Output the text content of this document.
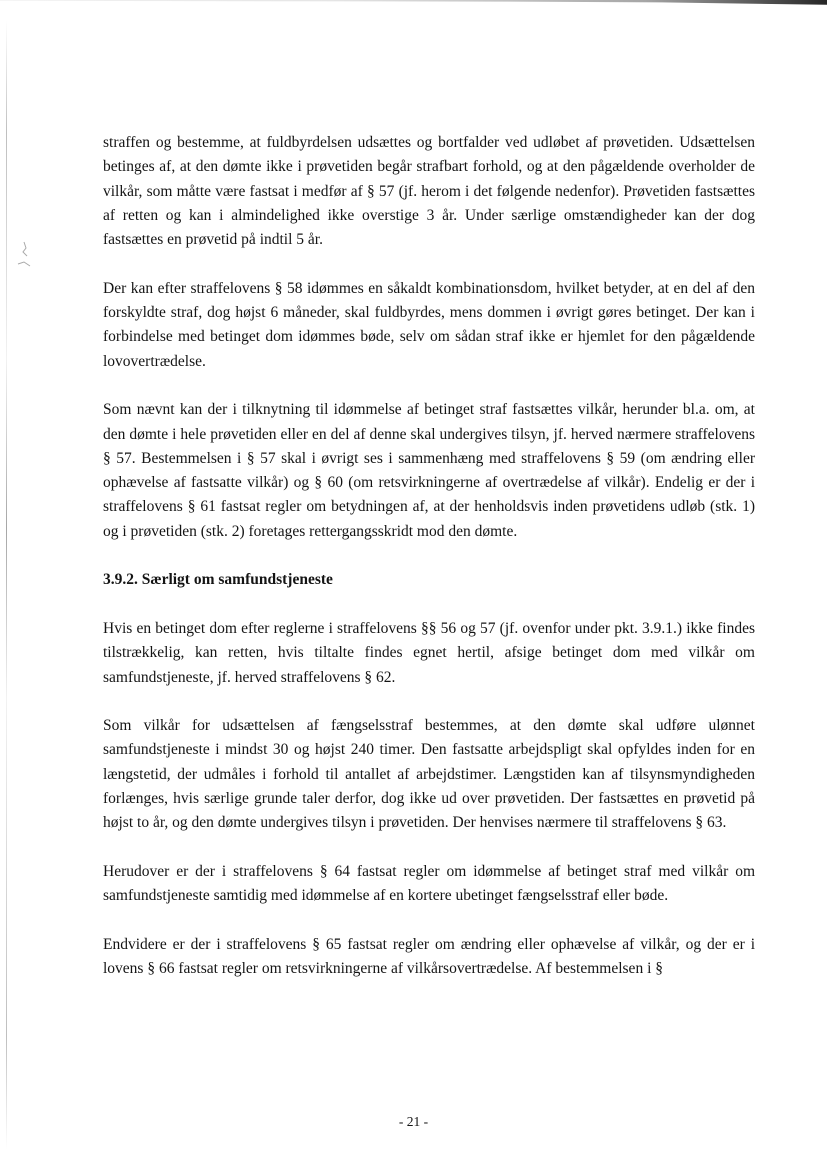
straffen og bestemme, at fuldbyrdelsen udsættes og bortfalder ved udløbet af prøvetiden. Udsættelsen betinges af, at den dømte ikke i prøvetiden begår strafbart forhold, og at den pågældende overholder de vilkår, som måtte være fastsat i medfør af § 57 (jf. herom i det følgende nedenfor). Prøvetiden fastsættes af retten og kan i almindelighed ikke overstige 3 år. Under særlige omstændigheder kan der dog fastsættes en prøvetid på indtil 5 år.

Der kan efter straffelovens § 58 idømmes en såkaldt kombinationsdom, hvilket betyder, at en del af den forskyldte straf, dog højst 6 måneder, skal fuldbyrdes, mens dommen i øvrigt gøres betinget. Der kan i forbindelse med betinget dom idømmes bøde, selv om sådan straf ikke er hjemlet for den pågældende lovovertrædelse.

Som nævnt kan der i tilknytning til idømmelse af betinget straf fastsættes vilkår, herunder bl.a. om, at den dømte i hele prøvetiden eller en del af denne skal undergives tilsyn, jf. herved nærmere straffelovens § 57. Bestemmelsen i § 57 skal i øvrigt ses i sammenhæng med straffelovens § 59 (om ændring eller ophævelse af fastsatte vilkår) og § 60 (om retsvirkningerne af overtrædelse af vilkår). Endelig er der i straffelovens § 61 fastsat regler om betydningen af, at der henholdsvis inden prøvetidens udløb (stk. 1) og i prøvetiden (stk. 2) foretages rettergangsskridt mod den dømte.

3.9.2. Særligt om samfundstjeneste

Hvis en betinget dom efter reglerne i straffelovens §§ 56 og 57 (jf. ovenfor under pkt. 3.9.1.) ikke findes tilstrækkelig, kan retten, hvis tiltalte findes egnet hertil, afsige betinget dom med vilkår om samfundstjeneste, jf. herved straffelovens § 62.

Som vilkår for udsættelsen af fængselsstraf bestemmes, at den dømte skal udføre ulønnet samfundstjeneste i mindst 30 og højst 240 timer. Den fastsatte arbejdspligt skal opfyldes inden for en længstetid, der udmåles i forhold til antallet af arbejdstimer. Længstiden kan af tilsynsmyndigheden forlænges, hvis særlige grunde taler derfor, dog ikke ud over prøvetiden. Der fastsættes en prøvetid på højst to år, og den dømte undergives tilsyn i prøvetiden. Der henvises nærmere til straffelovens § 63.

Herudover er der i straffelovens § 64 fastsat regler om idømmelse af betinget straf med vilkår om samfundstjeneste samtidig med idømmelse af en kortere ubetinget fængselsstraf eller bøde.

Endvidere er der i straffelovens § 65 fastsat regler om ændring eller ophævelse af vilkår, og der er i lovens § 66 fastsat regler om retsvirkningerne af vilkårsovertrædelse. Af bestemmelsen i §

- 21 -
